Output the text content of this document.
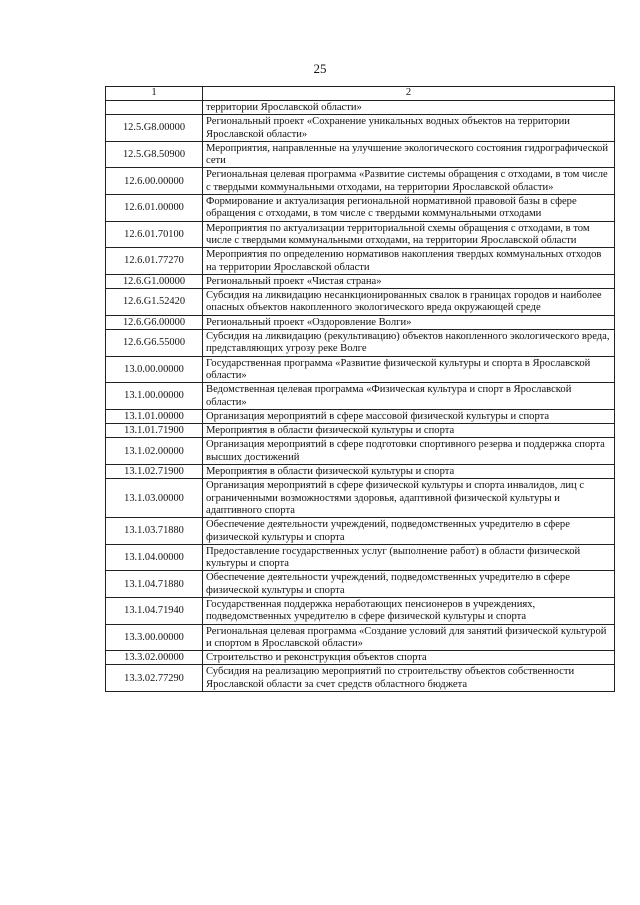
25
1	2
	территории Ярославской области»
12.5.G8.00000	Региональный проект «Сохранение уникальных водных объектов на территории Ярославской области»
12.5.G8.50900	Мероприятия, направленные на улучшение экологического состояния гидрографической сети
12.6.00.00000	Региональная целевая программа «Развитие системы обращения с отходами, в том числе с твердыми коммунальными отходами, на территории Ярославской области»
12.6.01.00000	Формирование и актуализация региональной нормативной правовой базы в сфере обращения с отходами, в том числе с твердыми коммунальными отходами
12.6.01.70100	Мероприятия по актуализации территориальной схемы обращения с отходами, в том числе с твердыми коммунальными отходами, на территории Ярославской области
12.6.01.77270	Мероприятия по определению нормативов накопления твердых коммунальных отходов на территории Ярославской области
12.6.G1.00000	Региональный проект «Чистая страна»
12.6.G1.52420	Субсидия на ликвидацию несанкционированных свалок в границах городов и наиболее опасных объектов накопленного экологического вреда окружающей среде
12.6.G6.00000	Региональный проект «Оздоровление Волги»
12.6.G6.55000	Субсидия на ликвидацию (рекультивацию) объектов накопленного экологического вреда, представляющих угрозу реке Волге
13.0.00.00000	Государственная программа «Развитие физической культуры и спорта в Ярославской области»
13.1.00.00000	Ведомственная целевая программа «Физическая культура и спорт в Ярославской области»
13.1.01.00000	Организация мероприятий в сфере массовой физической культуры и спорта
13.1.01.71900	Мероприятия в области физической культуры и спорта
13.1.02.00000	Организация мероприятий в сфере подготовки спортивного резерва и поддержка спорта высших достижений
13.1.02.71900	Мероприятия в области физической культуры и спорта
13.1.03.00000	Организация мероприятий в сфере физической культуры и спорта инвалидов, лиц с ограниченными возможностями здоровья, адаптивной физической культуры и адаптивного спорта
13.1.03.71880	Обеспечение деятельности учреждений, подведомственных учредителю в сфере физической культуры и спорта
13.1.04.00000	Предоставление государственных услуг (выполнение работ) в области физической культуры и спорта
13.1.04.71880	Обеспечение деятельности учреждений, подведомственных учредителю в сфере физической культуры и спорта
13.1.04.71940	Государственная поддержка неработающих пенсионеров в учреждениях, подведомственных учредителю в сфере физической культуры и спорта
13.3.00.00000	Региональная целевая программа «Создание условий для занятий физической культурой и спортом в Ярославской области»
13.3.02.00000	Строительство и реконструкция объектов спорта
13.3.02.77290	Субсидия на реализацию мероприятий по строительству объектов собственности Ярославской области за счет средств областного бюджета
